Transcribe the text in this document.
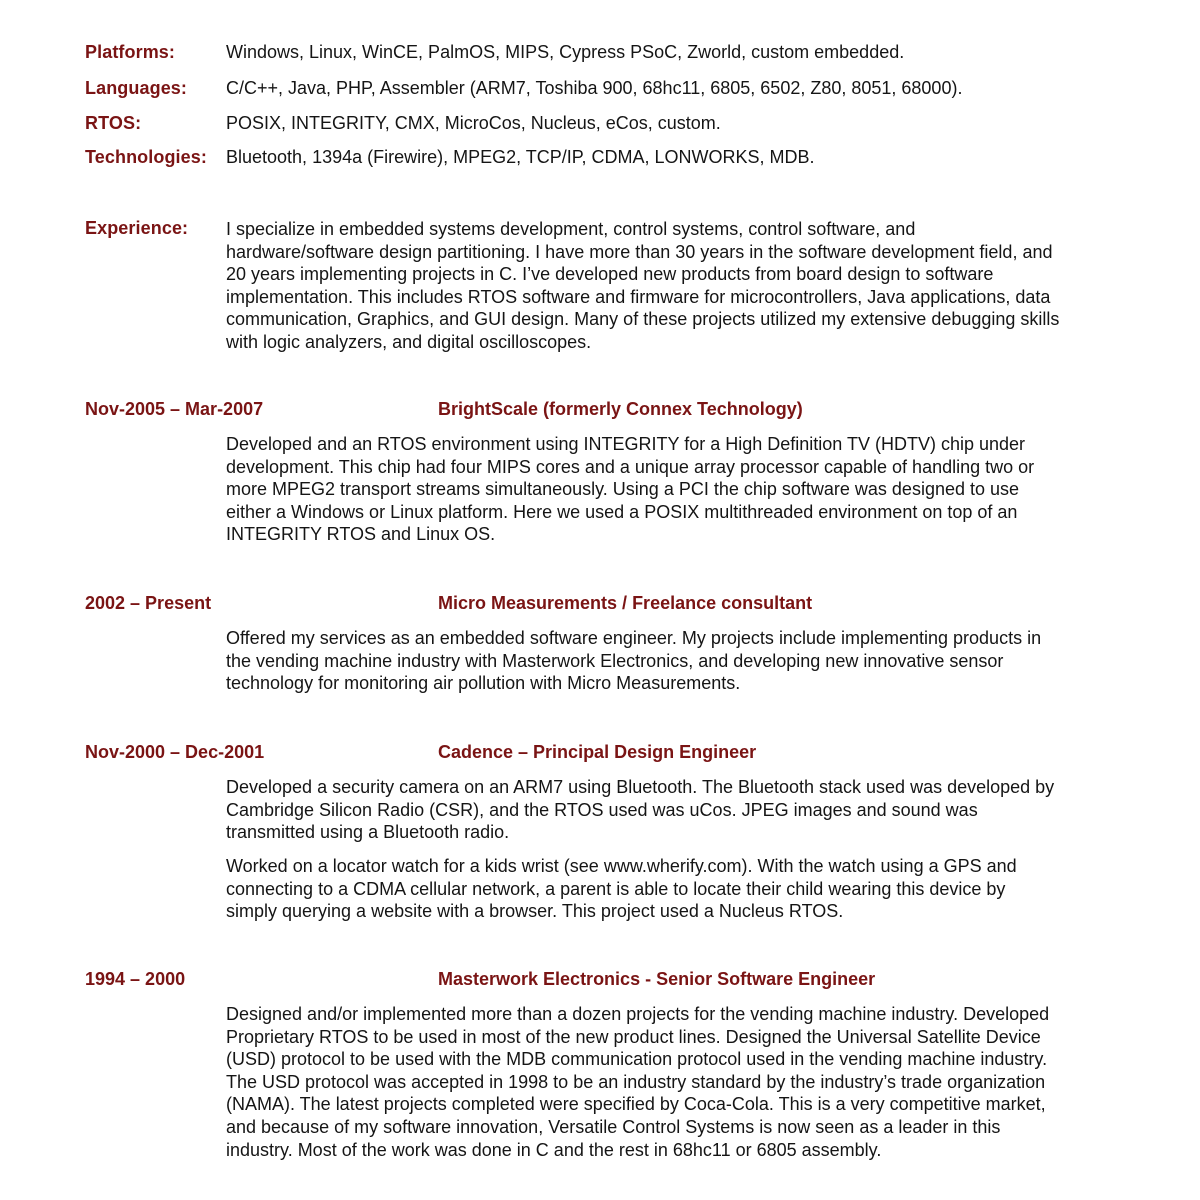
Platforms:	Windows, Linux, WinCE, PalmOS, MIPS, Cypress PSoC, Zworld, custom embedded.
Languages: C/C++, Java, PHP, Assembler (ARM7, Toshiba 900, 68hc11, 6805, 6502, Z80, 8051, 68000).
RTOS:	POSIX, INTEGRITY, CMX, MicroCos, Nucleus, eCos, custom.
Technologies: Bluetooth, 1394a (Firewire), MPEG2, TCP/IP, CDMA, LONWORKS, MDB.
Experience: I specialize in embedded systems development, control systems, control software, and
hardware/software design partitioning. I have more than 30 years in the software development field, and
20 years implementing projects in C. I’ve developed new products from board design to software
implementation. This includes RTOS software and firmware for microcontrollers, Java applications, data
communication, Graphics, and GUI design. Many of these projects utilized my extensive debugging skills
with logic analyzers, and digital oscilloscopes.
Nov-2005 – Mar-2007	BrightScale (formerly Connex Technology)
Developed and an RTOS environment using INTEGRITY for a High Definition TV (HDTV) chip under
development. This chip had four MIPS cores and a unique array processor capable of handling two or
more MPEG2 transport streams simultaneously. Using a PCI the chip software was designed to use
either a Windows or Linux platform. Here we used a POSIX multithreaded environment on top of an
INTEGRITY RTOS and Linux OS.
2002 – Present	Micro Measurements / Freelance consultant
Offered my services as an embedded software engineer. My projects include implementing products in
the vending machine industry with Masterwork Electronics, and developing new innovative sensor
technology for monitoring air pollution with Micro Measurements.
Nov-2000 – Dec-2001	Cadence – Principal Design Engineer
Developed a security camera on an ARM7 using Bluetooth. The Bluetooth stack used was developed by
Cambridge Silicon Radio (CSR), and the RTOS used was uCos. JPEG images and sound was
transmitted using a Bluetooth radio.
Worked on a locator watch for a kids wrist (see www.wherify.com). With the watch using a GPS and
connecting to a CDMA cellular network, a parent is able to locate their child wearing this device by
simply querying a website with a browser. This project used a Nucleus RTOS.
1994 – 2000	Masterwork Electronics - Senior Software Engineer
Designed and/or implemented more than a dozen projects for the vending machine industry. Developed
Proprietary RTOS to be used in most of the new product lines. Designed the Universal Satellite Device
(USD) protocol to be used with the MDB communication protocol used in the vending machine industry.
The USD protocol was accepted in 1998 to be an industry standard by the industry’s trade organization
(NAMA). The latest projects completed were specified by Coca-Cola. This is a very competitive market,
and because of my software innovation, Versatile Control Systems is now seen as a leader in this
industry. Most of the work was done in C and the rest in 68hc11 or 6805 assembly.
